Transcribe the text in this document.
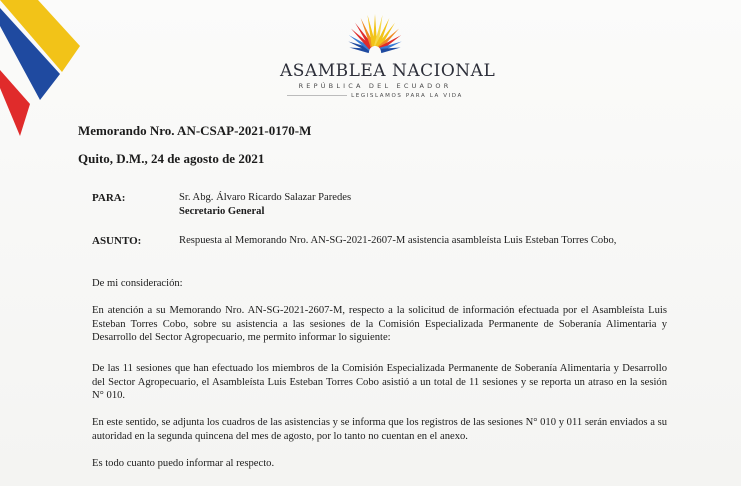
ASAMBLEA NACIONAL
REPÚBLICA DEL ECUADOR
LEGISLAMOS PARA LA VIDA
Memorando Nro. AN-CSAP-2021-0170-M
Quito, D.M., 24 de agosto de 2021
PARA:	Sr. Abg. Álvaro Ricardo Salazar Paredes
Secretario General
ASUNTO:	Respuesta al Memorando Nro. AN-SG-2021-2607-M asistencia asambleísta Luis Esteban Torres Cobo,
De mi consideración:
En atención a su Memorando Nro. AN-SG-2021-2607-M, respecto a la solicitud de información efectuada por el Asambleísta Luis Esteban Torres Cobo, sobre su asistencia a las sesiones de la Comisión Especializada Permanente de Soberanía Alimentaria y Desarrollo del Sector Agropecuario, me permito informar lo siguiente:
De las 11 sesiones que han efectuado los miembros de la Comisión Especializada Permanente de Soberanía Alimentaria y Desarrollo del Sector Agropecuario, el Asambleísta Luis Esteban Torres Cobo asistió a un total de 11 sesiones y se reporta un atraso en la sesión N° 010.
En este sentido, se adjunta los cuadros de las asistencias y se informa que los registros de las sesiones N° 010 y 011 serán enviados a su autoridad en la segunda quincena del mes de agosto, por lo tanto no cuentan en el anexo.
Es todo cuanto puedo informar al respecto.
